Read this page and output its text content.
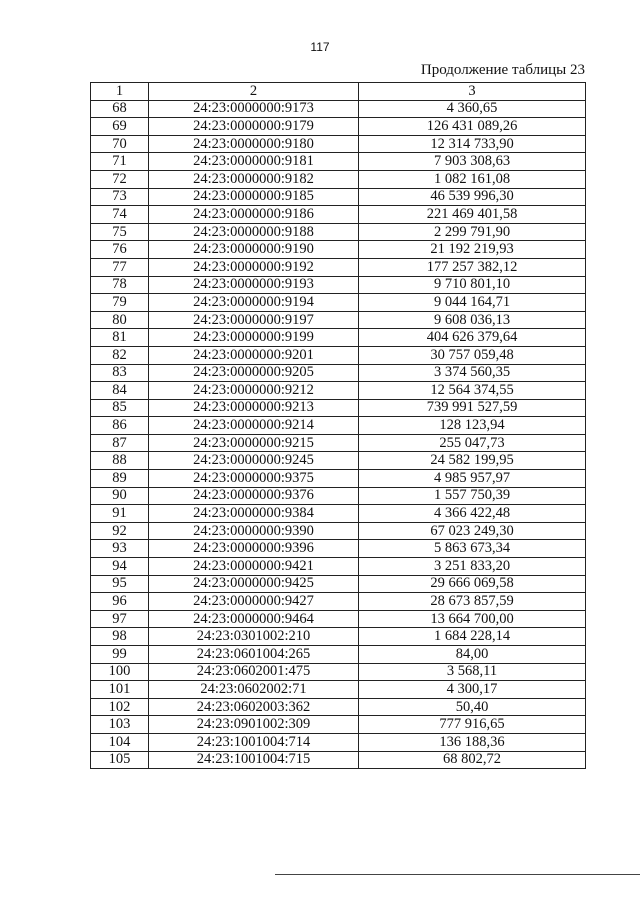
117
Продолжение таблицы 23
1	2	3
68	24:23:0000000:9173	4 360,65
69	24:23:0000000:9179	126 431 089,26
70	24:23:0000000:9180	12 314 733,90
71	24:23:0000000:9181	7 903 308,63
72	24:23:0000000:9182	1 082 161,08
73	24:23:0000000:9185	46 539 996,30
74	24:23:0000000:9186	221 469 401,58
75	24:23:0000000:9188	2 299 791,90
76	24:23:0000000:9190	21 192 219,93
77	24:23:0000000:9192	177 257 382,12
78	24:23:0000000:9193	9 710 801,10
79	24:23:0000000:9194	9 044 164,71
80	24:23:0000000:9197	9 608 036,13
81	24:23:0000000:9199	404 626 379,64
82	24:23:0000000:9201	30 757 059,48
83	24:23:0000000:9205	3 374 560,35
84	24:23:0000000:9212	12 564 374,55
85	24:23:0000000:9213	739 991 527,59
86	24:23:0000000:9214	128 123,94
87	24:23:0000000:9215	255 047,73
88	24:23:0000000:9245	24 582 199,95
89	24:23:0000000:9375	4 985 957,97
90	24:23:0000000:9376	1 557 750,39
91	24:23:0000000:9384	4 366 422,48
92	24:23:0000000:9390	67 023 249,30
93	24:23:0000000:9396	5 863 673,34
94	24:23:0000000:9421	3 251 833,20
95	24:23:0000000:9425	29 666 069,58
96	24:23:0000000:9427	28 673 857,59
97	24:23:0000000:9464	13 664 700,00
98	24:23:0301002:210	1 684 228,14
99	24:23:0601004:265	84,00
100	24:23:0602001:475	3 568,11
101	24:23:0602002:71	4 300,17
102	24:23:0602003:362	50,40
103	24:23:0901002:309	777 916,65
104	24:23:1001004:714	136 188,36
105	24:23:1001004:715	68 802,72
